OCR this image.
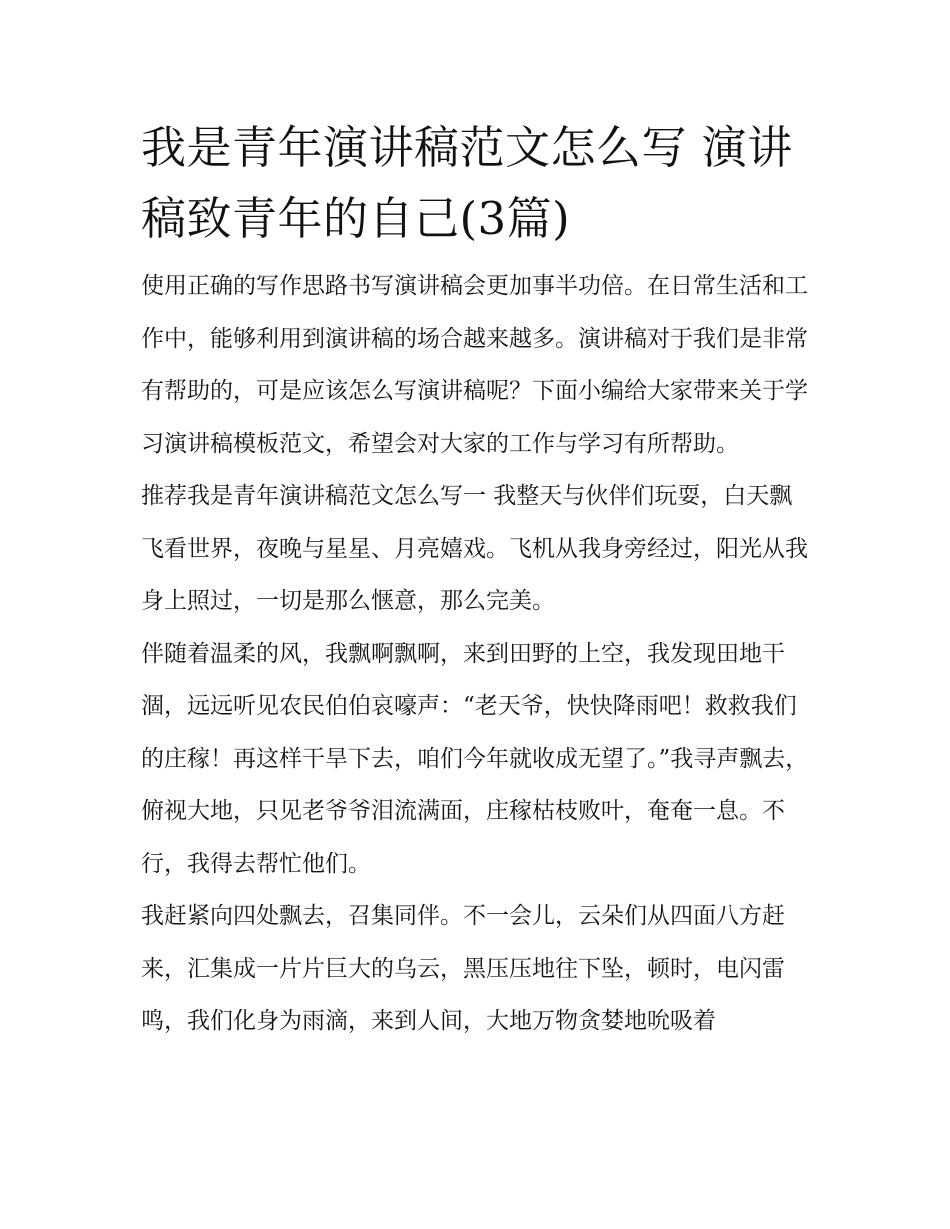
我是青年演讲稿范文怎么写 演讲稿致青年的自己(3篇)

使用正确的写作思路书写演讲稿会更加事半功倍。在日常生活和工作中，能够利用到演讲稿的场合越来越多。演讲稿对于我们是非常有帮助的，可是应该怎么写演讲稿呢？下面小编给大家带来关于学习演讲稿模板范文，希望会对大家的工作与学习有所帮助。

推荐我是青年演讲稿范文怎么写一 我整天与伙伴们玩耍，白天飘飞看世界，夜晚与星星、月亮嬉戏。飞机从我身旁经过，阳光从我身上照过，一切是那么惬意，那么完美。

伴随着温柔的风，我飘啊飘啊，来到田野的上空，我发现田地干涸，远远听见农民伯伯哀嚎声：“老天爷，快快降雨吧！救救我们的庄稼！再这样干旱下去，咱们今年就收成无望了。”我寻声飘去，俯视大地，只见老爷爷泪流满面，庄稼枯枝败叶，奄奄一息。不行，我得去帮忙他们。

我赶紧向四处飘去，召集同伴。不一会儿，云朵们从四面八方赶来，汇集成一片片巨大的乌云，黑压压地往下坠，顿时，电闪雷鸣，我们化身为雨滴，来到人间，大地万物贪婪地吮吸着
